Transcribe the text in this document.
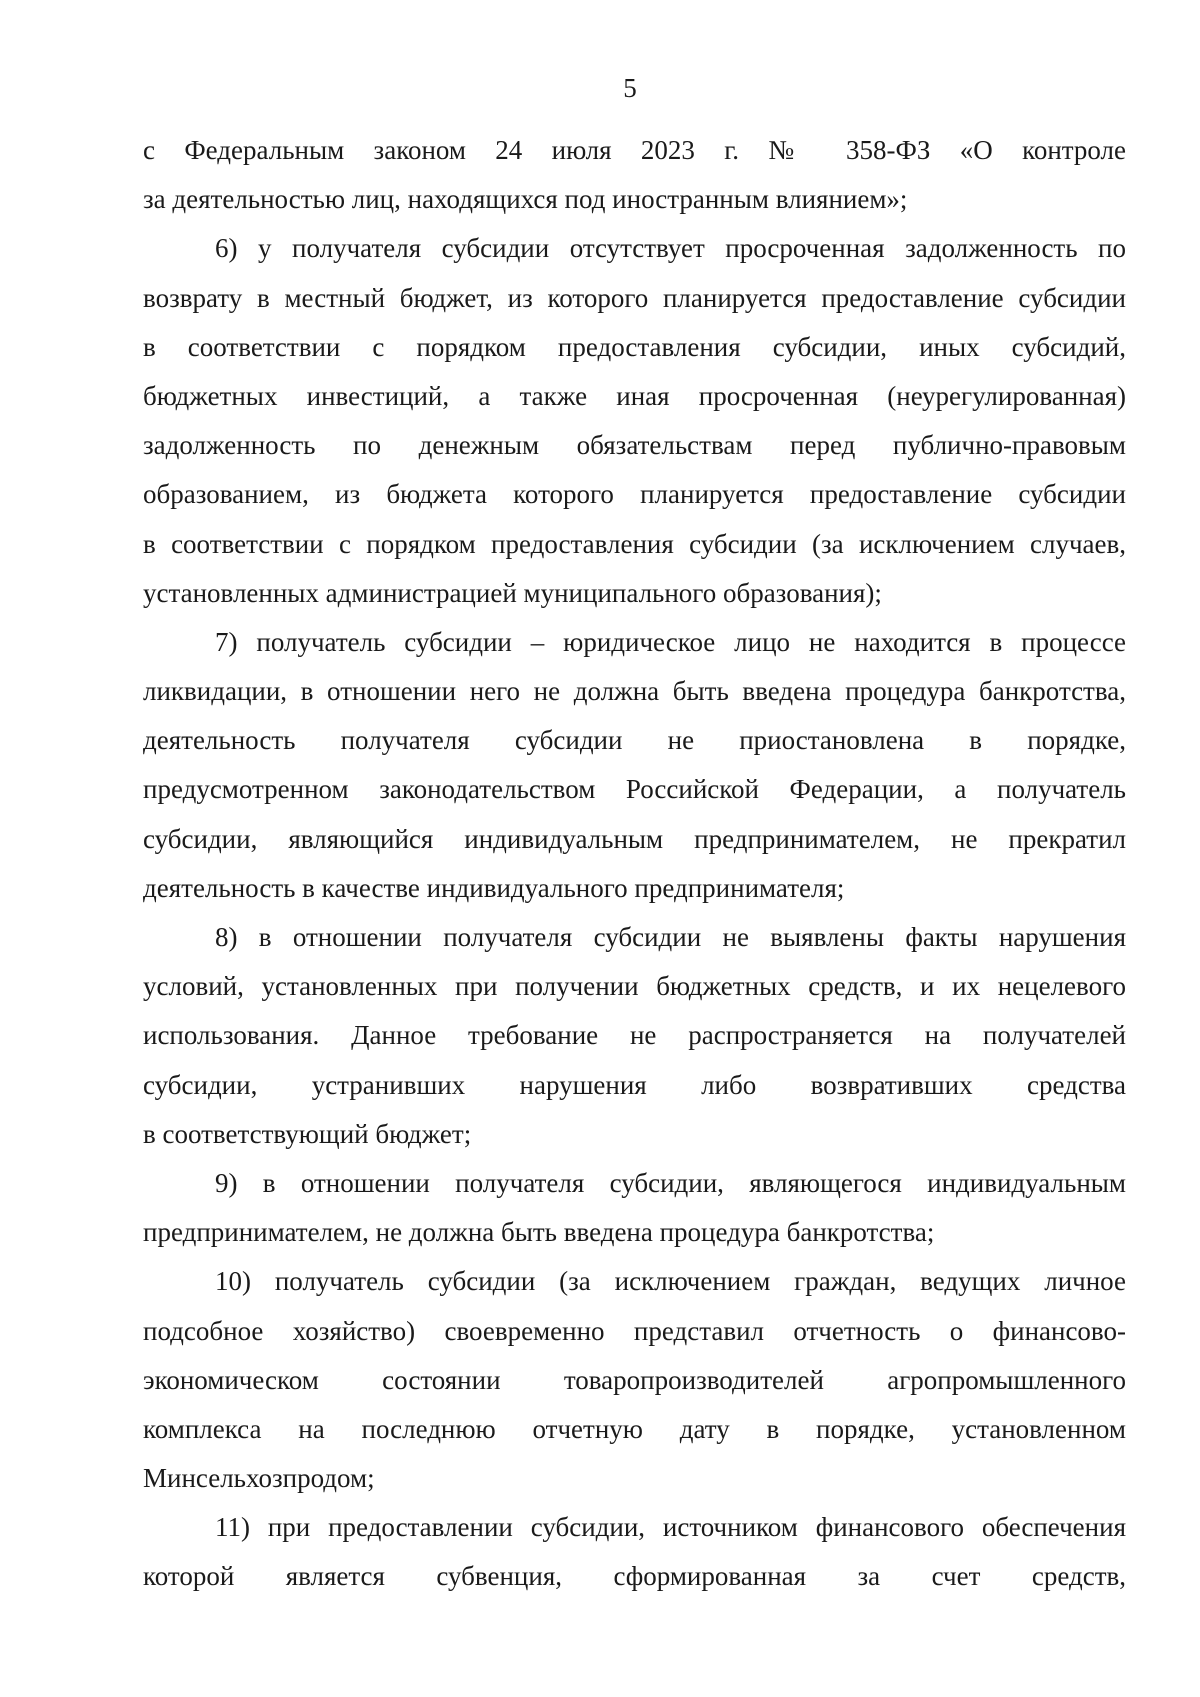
5
с Федеральным законом 24 июля 2023 г. № 358-ФЗ «О контроле
за деятельностью лиц, находящихся под иностранным влиянием»;
6) у получателя субсидии отсутствует просроченная задолженность по
возврату в местный бюджет, из которого планируется предоставление субсидии
в соответствии с порядком предоставления субсидии, иных субсидий,
бюджетных инвестиций, а также иная просроченная (неурегулированная)
задолженность по денежным обязательствам перед публично-правовым
образованием, из бюджета которого планируется предоставление субсидии
в соответствии с порядком предоставления субсидии (за исключением случаев,
установленных администрацией муниципального образования);
7) получатель субсидии – юридическое лицо не находится в процессе
ликвидации, в отношении него не должна быть введена процедура банкротства,
деятельность получателя субсидии не приостановлена в порядке,
предусмотренном законодательством Российской Федерации, а получатель
субсидии, являющийся индивидуальным предпринимателем, не прекратил
деятельность в качестве индивидуального предпринимателя;
8) в отношении получателя субсидии не выявлены факты нарушения
условий, установленных при получении бюджетных средств, и их нецелевого
использования. Данное требование не распространяется на получателей
субсидии, устранивших нарушения либо возвративших средства
в соответствующий бюджет;
9) в отношении получателя субсидии, являющегося индивидуальным
предпринимателем, не должна быть введена процедура банкротства;
10) получатель субсидии (за исключением граждан, ведущих личное
подсобное хозяйство) своевременно представил отчетность о финансово-
экономическом состоянии товаропроизводителей агропромышленного
комплекса на последнюю отчетную дату в порядке, установленном
Минсельхозпродом;
11) при предоставлении субсидии, источником финансового обеспечения
которой является субвенция, сформированная за счет средств,
